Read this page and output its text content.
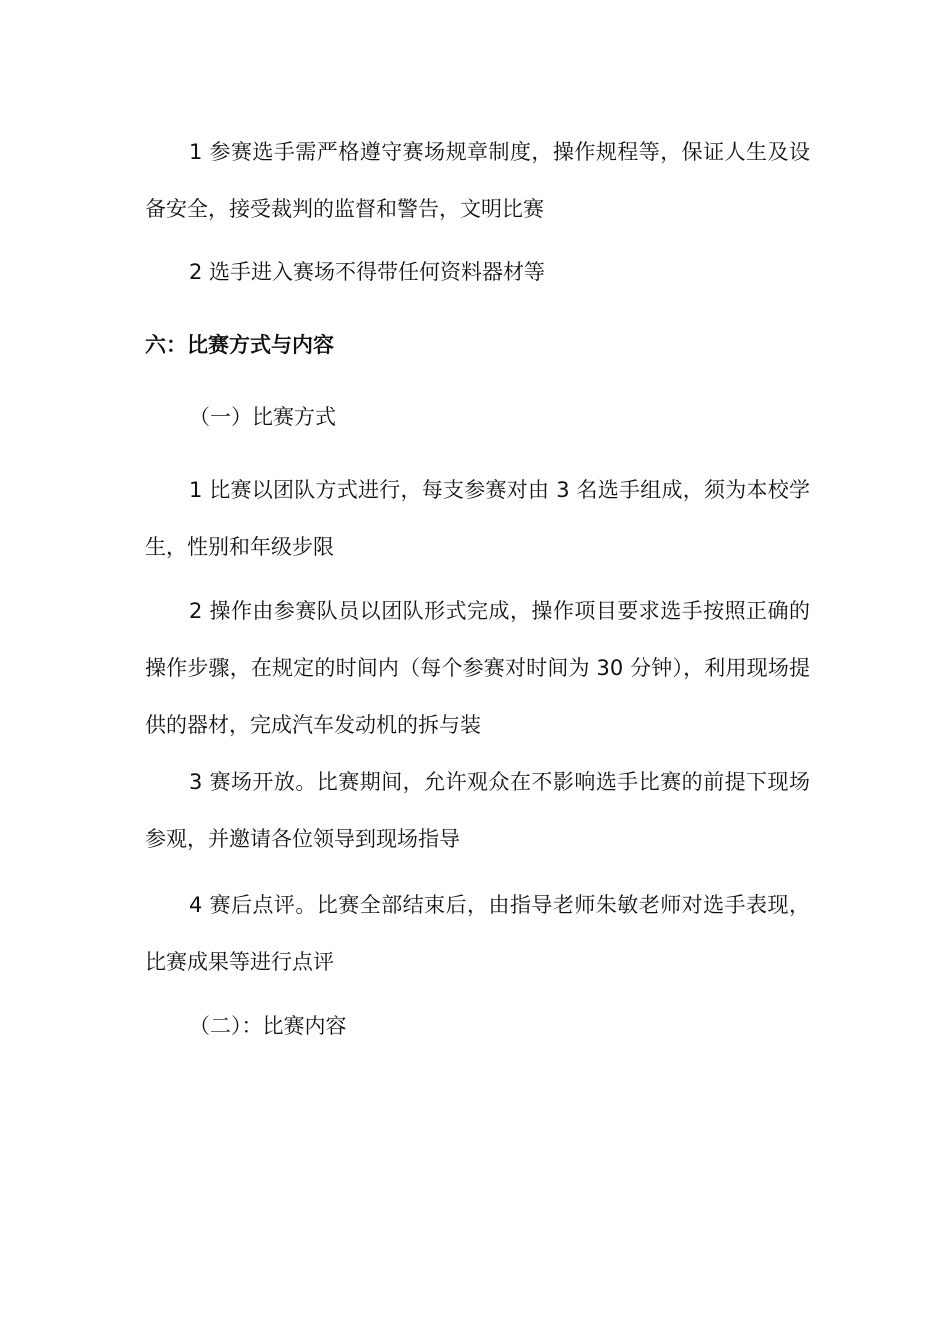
1 参赛选手需严格遵守赛场规章制度，操作规程等，保证人生及设备安全，接受裁判的监督和警告，文明比赛

2 选手进入赛场不得带任何资料器材等

六：比赛方式与内容

（一）比赛方式

1 比赛以团队方式进行，每支参赛对由 3 名选手组成，须为本校学生，性别和年级步限

2 操作由参赛队员以团队形式完成，操作项目要求选手按照正确的操作步骤，在规定的时间内（每个参赛对时间为 30 分钟），利用现场提供的器材，完成汽车发动机的拆与装

3 赛场开放。比赛期间，允许观众在不影响选手比赛的前提下现场参观，并邀请各位领导到现场指导

4 赛后点评。比赛全部结束后，由指导老师朱敏老师对选手表现，比赛成果等进行点评

（二）：比赛内容
